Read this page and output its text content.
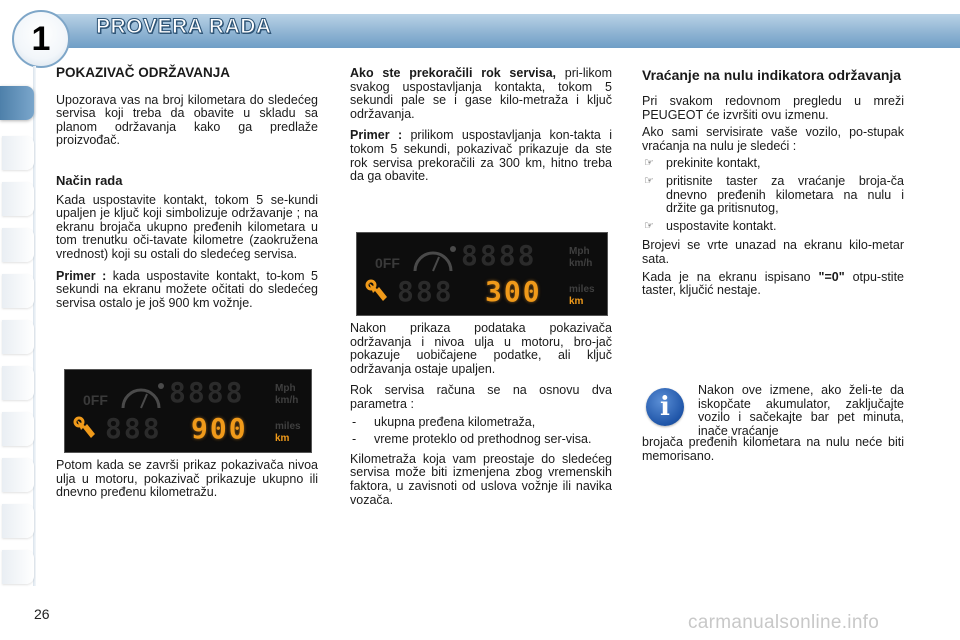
1	PROVERA RADA
POKAZIVAČ ODRŽAVANJA

Upozorava vas na broj kilometara do sledećeg servisa koji treba da obavite u skladu sa planom održavanja kako ga predlaže proizvođač.

Način rada

Kada uspostavite kontakt, tokom 5 se-kundi upaljen je ključ koji simbolizuje održavanje ; na ekranu brojača ukupno pređenih kilometara u tom trenutku oči-tavate kilometre (zaokružena vrednost) koji su ostali do sledećeg servisa.

Primer : kada uspostavite kontakt, to-kom 5 sekundi na ekranu možete očitati do sledećeg servisa ostalo je još 900 km vožnje.

0FF 8888	Mph
km/h
888 900	miles
km

Potom kada se završi prikaz pokazivača nivoa ulja u motoru, pokazivač prikazuje ukupno ili dnevno pređenu kilometražu.

Ako ste prekoračili rok servisa, pri-likom svakog uspostavljanja kontakta, tokom 5 sekundi pale se i gase kilo-metraža i ključ održavanja.

Primer : prilikom uspostavljanja kon-takta i tokom 5 sekundi, pokazivač prikazuje da ste rok servisa prekoračili za 300 km, hitno treba da ga obavite.

0FF 8888	Mph
km/h
888 300	miles
km

Nakon prikaza podataka pokazivača održavanja i nivoa ulja u motoru, bro-jač pokazuje uobičajene podatke, ali ključ održavanja ostaje upaljen.

Rok servisa računa se na osnovu dva parametra :

- ukupna pređena kilometraža,
- vreme proteklo od prethodnog ser-visa.

Kilometraža koja vam preostaje do sledećeg servisa može biti izmenjena zbog vremenskih faktora, u zavisnoti od uslova vožnje ili navika vozača.

Vraćanje na nulu indikatora održavanja

Pri svakom redovnom pregledu u mreži PEUGEOT će izvršiti ovu izmenu.

Ako sami servisirate vaše vozilo, po-stupak vraćanja na nulu je sledeći :

☞ prekinite kontakt,
☞ pritisnite taster za vraćanje broja-ča dnevno pređenih kilometara na nulu i držite ga pritisnutog,
☞ uspostavite kontakt.

Brojevi se vrte unazad na ekranu kilo-metar sata.

Kada je na ekranu ispisano "=0" otpu-stite taster, ključić nestaje.

i

Nakon ove izmene, ako želi-te da iskopčate akumulator, zaključajte vozilo i sačekajte bar pet minuta, inače vraćanje

brojača pređenih kilometara na nulu neće biti memorisano.

26	carmanualsonline.info
